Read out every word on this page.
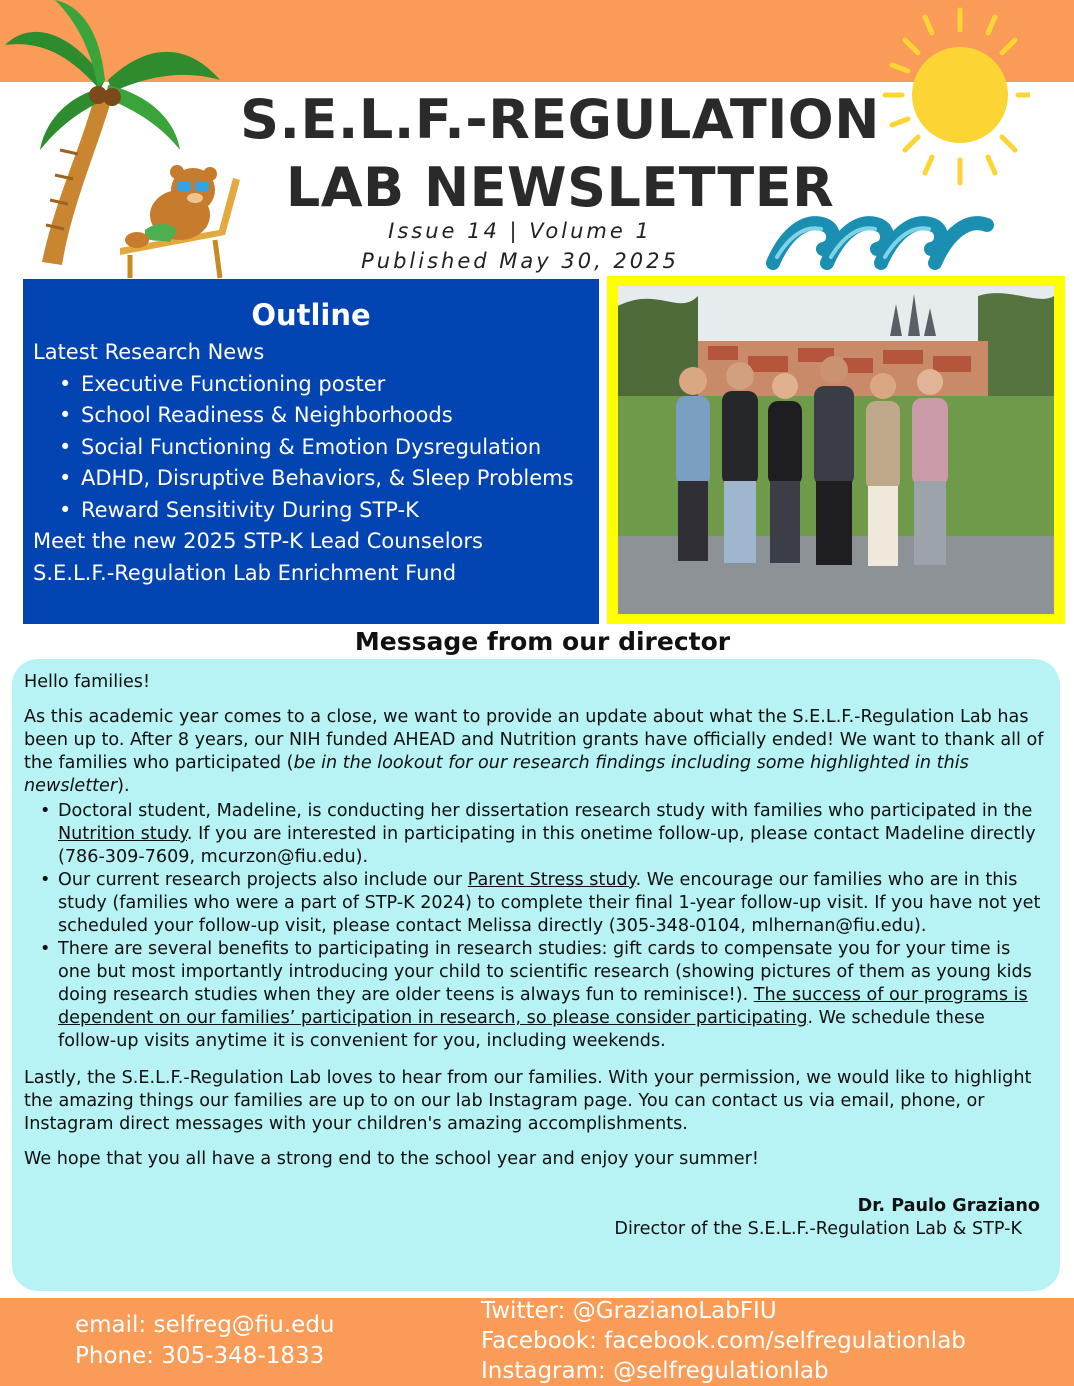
S.E.L.F.-REGULATION
LAB NEWSLETTER
Issue 14 | Volume 1
Published May 30, 2025
Outline
Latest Research News
• Executive Functioning poster
• School Readiness & Neighborhoods
• Social Functioning & Emotion Dysregulation
• ADHD, Disruptive Behaviors, & Sleep Problems
• Reward Sensitivity During STP-K
Meet the new 2025 STP-K Lead Counselors
S.E.L.F.-Regulation Lab Enrichment Fund
Message from our director

Hello families!

As this academic year comes to a close, we want to provide an update about what the S.E.L.F.-Regulation Lab has been up to. After 8 years, our NIH funded AHEAD and Nutrition grants have officially ended! We want to thank all of the families who participated (be in the lookout for our research findings including some highlighted in this newsletter).

• Doctoral student, Madeline, is conducting her dissertation research study with families who participated in the Nutrition study. If you are interested in participating in this onetime follow-up, please contact Madeline directly (786-309-7609, mcurzon@fiu.edu).
• Our current research projects also include our Parent Stress study. We encourage our families who are in this study (families who were a part of STP-K 2024) to complete their final 1-year follow-up visit. If you have not yet scheduled your follow-up visit, please contact Melissa directly (305-348-0104, mlhernan@fiu.edu).
• There are several benefits to participating in research studies: gift cards to compensate you for your time is one but most importantly introducing your child to scientific research (showing pictures of them as young kids doing research studies when they are older teens is always fun to reminisce!). The success of our programs is dependent on our families’ participation in research, so please consider participating. We schedule these follow-up visits anytime it is convenient for you, including weekends.

Lastly, the S.E.L.F.-Regulation Lab loves to hear from our families. With your permission, we would like to highlight the amazing things our families are up to on our lab Instagram page. You can contact us via email, phone, or Instagram direct messages with your children's amazing accomplishments.

We hope that you all have a strong end to the school year and enjoy your summer!

Dr. Paulo Graziano
Director of the S.E.L.F.-Regulation Lab & STP-K
email: selfreg@fiu.edu
Phone: 305-348-1833
Twitter: @GrazianoLabFIU
Facebook: facebook.com/selfregulationlab
Instagram: @selfregulationlab
